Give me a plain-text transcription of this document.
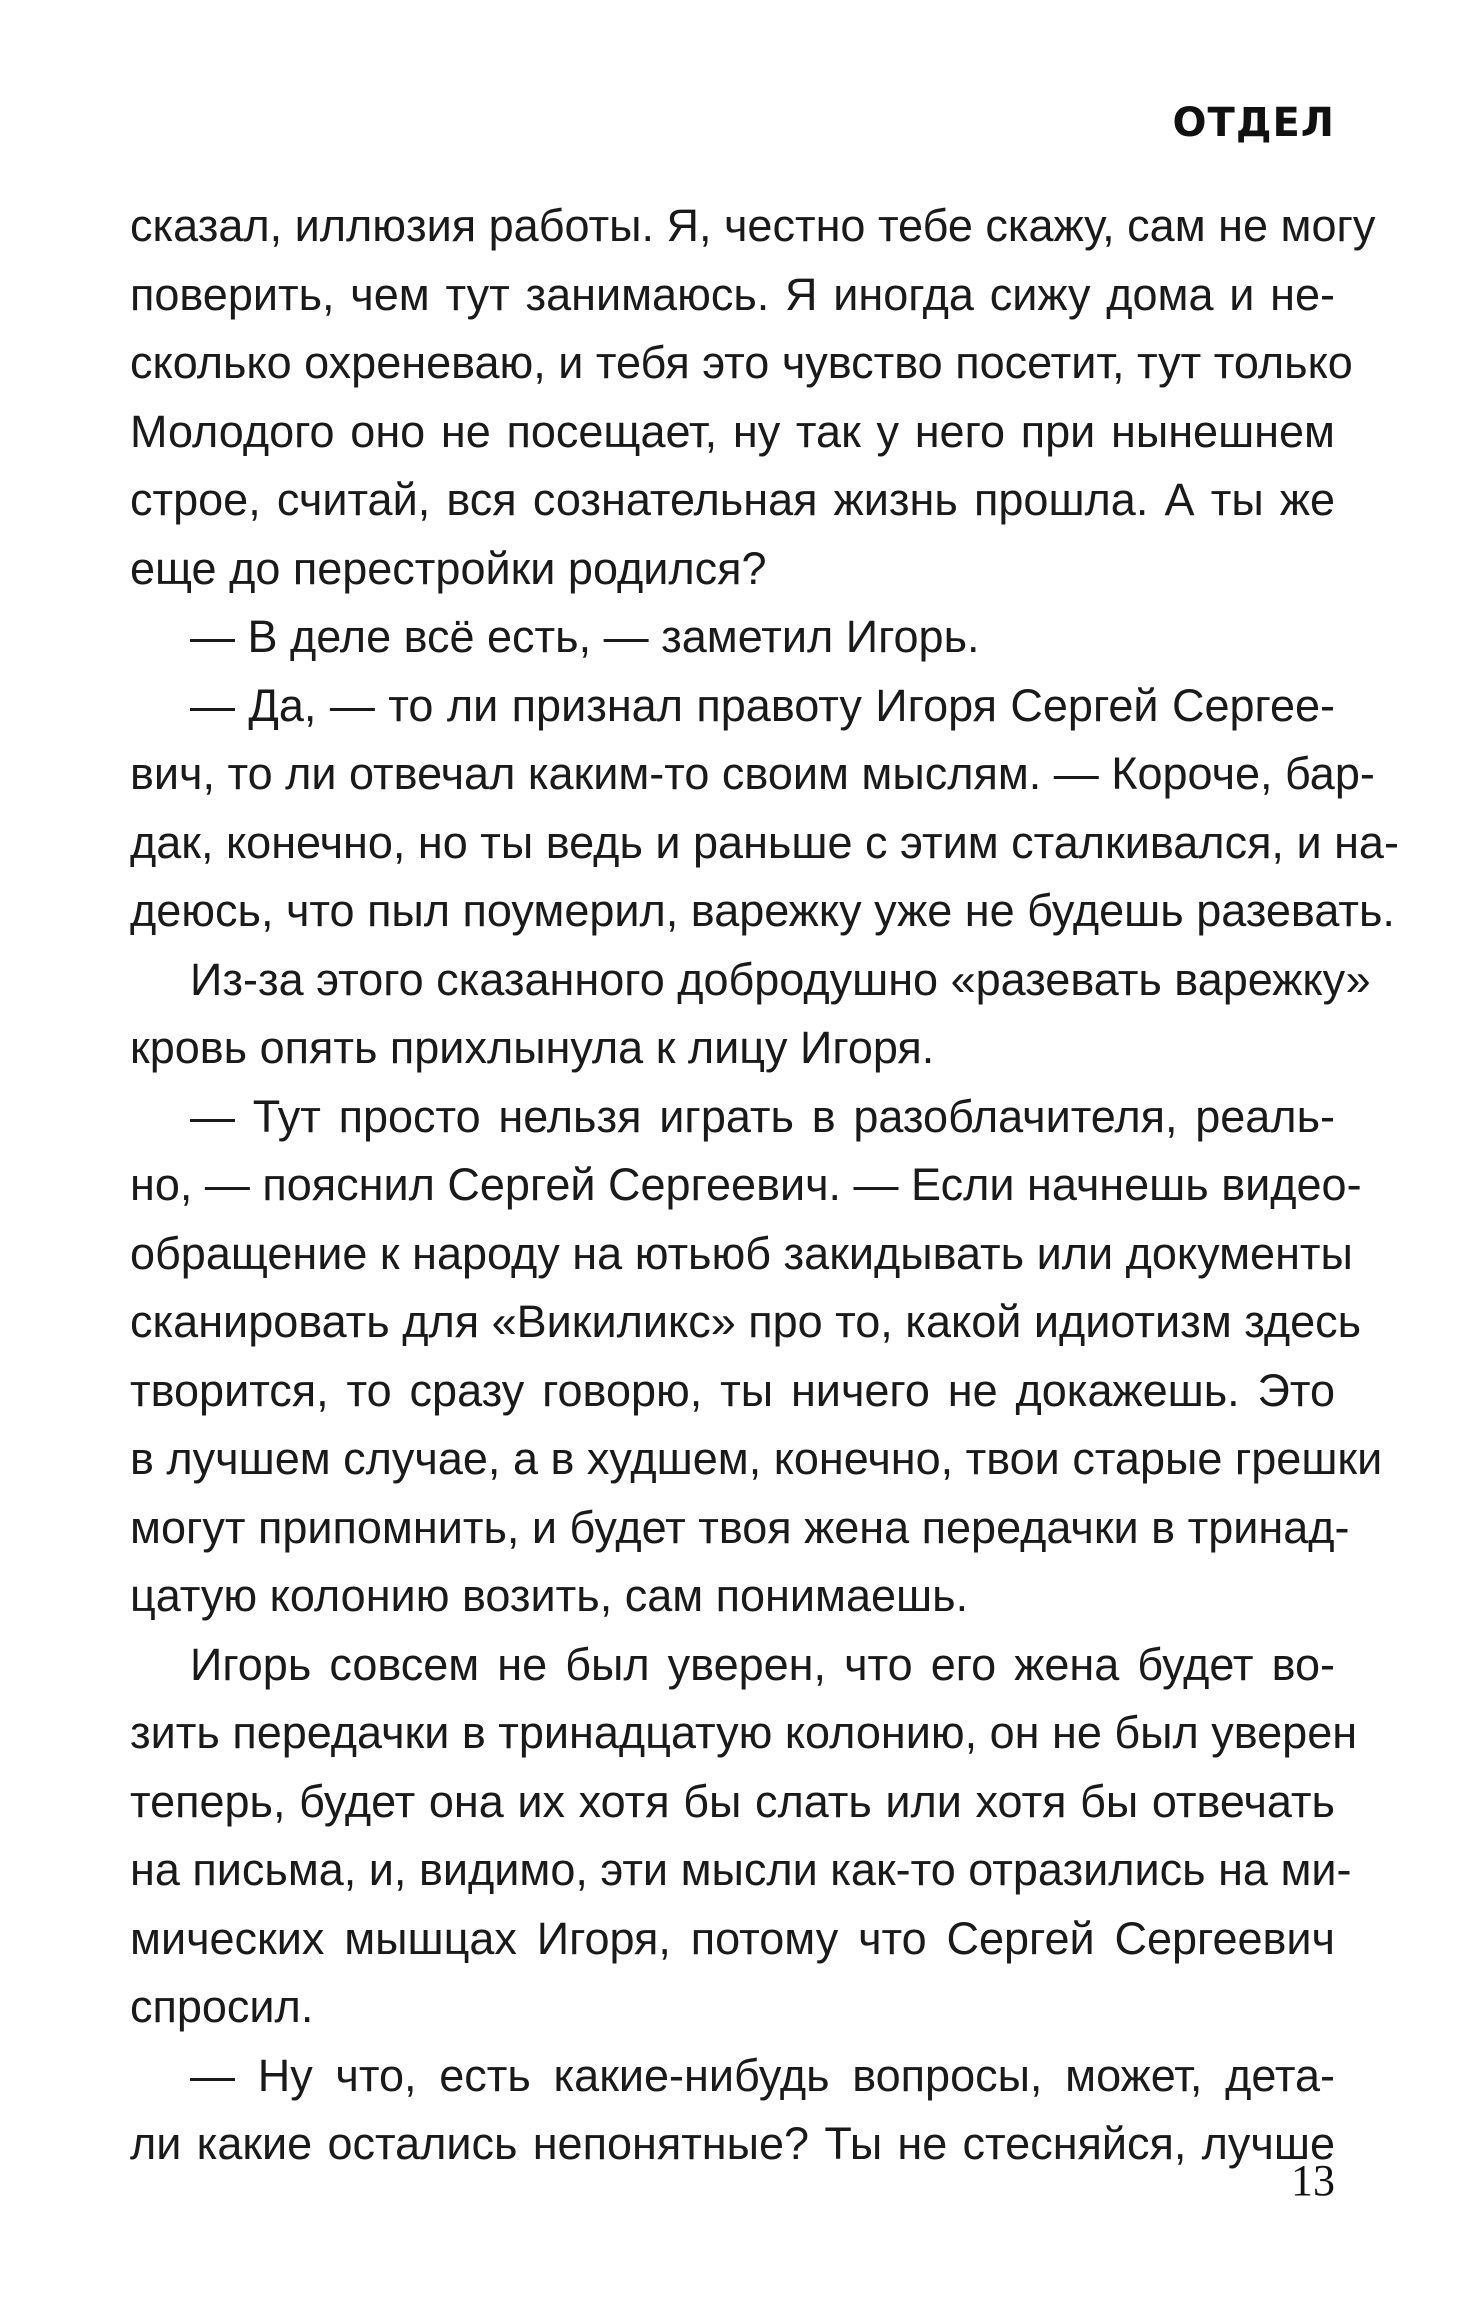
ОТДЕЛ
сказал, иллюзия работы. Я, честно тебе скажу, сам не могу
поверить, чем тут занимаюсь. Я иногда сижу дома и не-
сколько охреневаю, и тебя это чувство посетит, тут только
Молодого оно не посещает, ну так у него при нынешнем
строе, считай, вся сознательная жизнь прошла. А ты же
еще до перестройки родился?
— В деле всё есть, — заметил Игорь.
— Да, — то ли признал правоту Игоря Сергей Сергее-
вич, то ли отвечал каким-то своим мыслям. — Короче, бар-
дак, конечно, но ты ведь и раньше с этим сталкивался, и на-
деюсь, что пыл поумерил, варежку уже не будешь разевать.
Из-за этого сказанного добродушно «разевать варежку»
кровь опять прихлынула к лицу Игоря.
— Тут просто нельзя играть в разоблачителя, реаль-
но, — пояснил Сергей Сергеевич. — Если начнешь видео-
обращение к народу на ютьюб закидывать или документы
сканировать для «Викиликс» про то, какой идиотизм здесь
творится, то сразу говорю, ты ничего не докажешь. Это
в лучшем случае, а в худшем, конечно, твои старые грешки
могут припомнить, и будет твоя жена передачки в тринад-
цатую колонию возить, сам понимаешь.
Игорь совсем не был уверен, что его жена будет во-
зить передачки в тринадцатую колонию, он не был уверен
теперь, будет она их хотя бы слать или хотя бы отвечать
на письма, и, видимо, эти мысли как-то отразились на ми-
мических мышцах Игоря, потому что Сергей Сергеевич
спросил.
— Ну что, есть какие-нибудь вопросы, может, дета-
ли какие остались непонятные? Ты не стесняйся, лучше
13
